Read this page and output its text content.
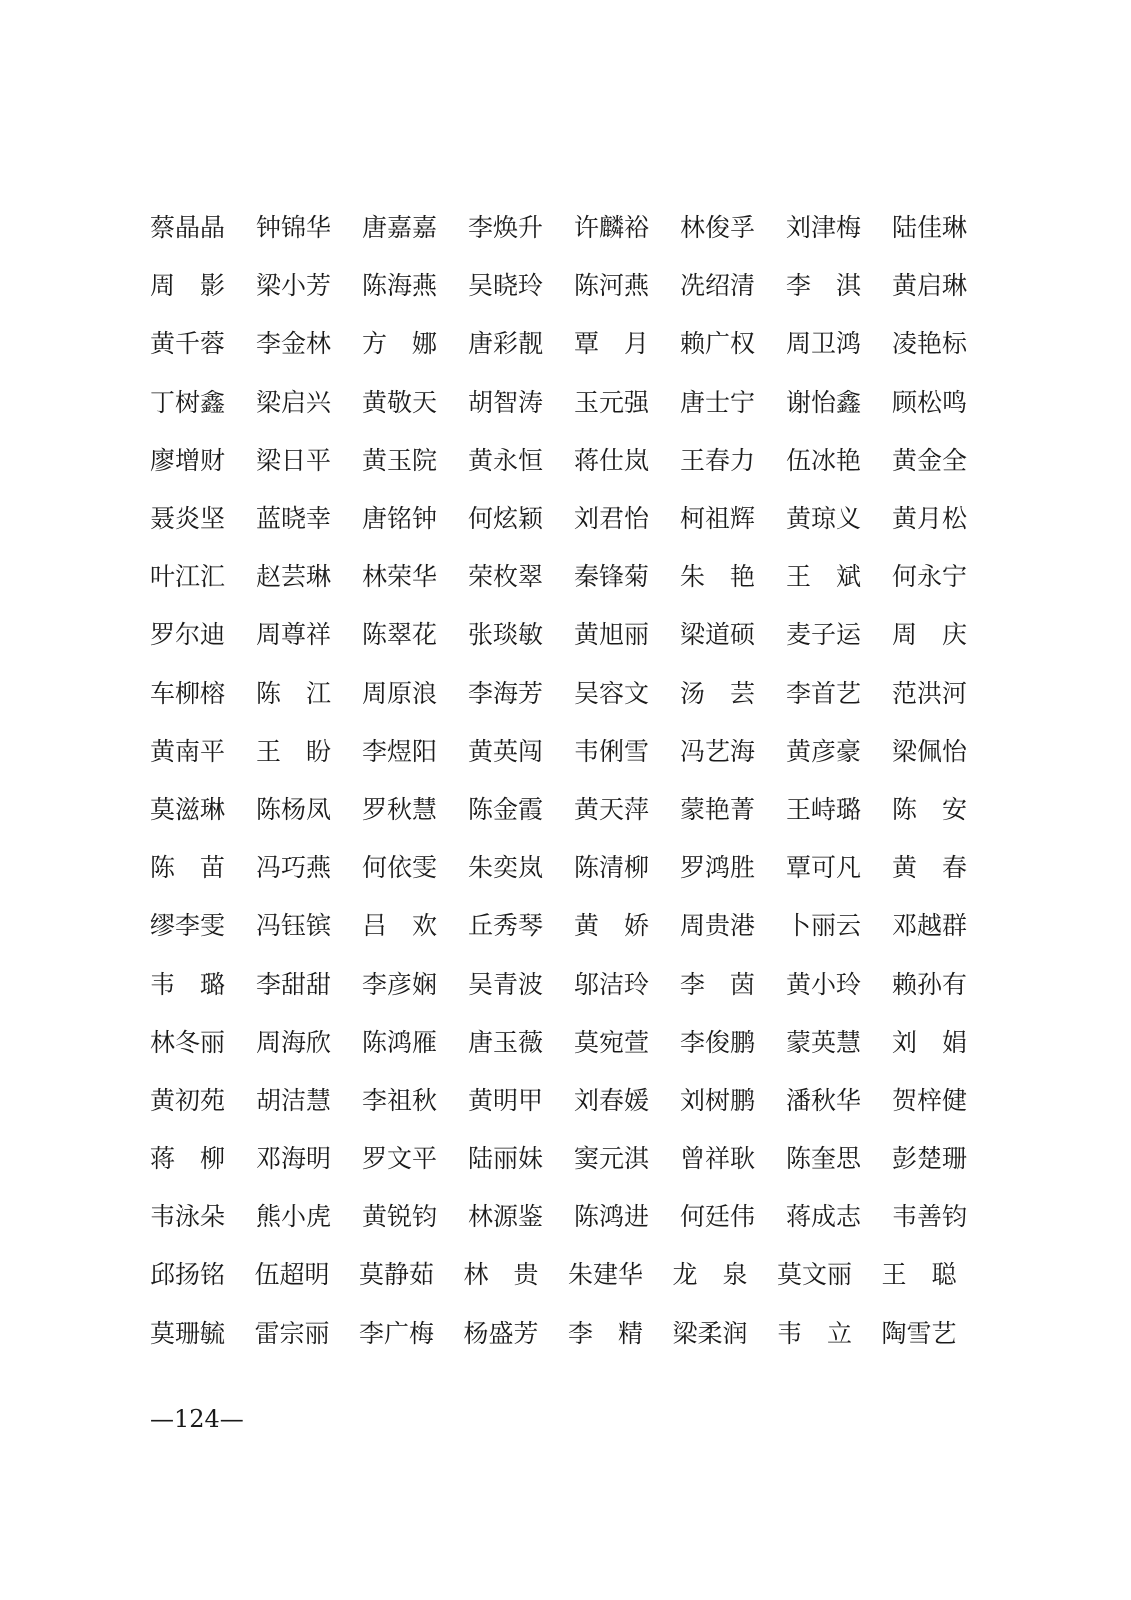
蔡晶晶	钟锦华	唐嘉嘉	李焕升	许麟裕	林俊孚	刘津梅	陆佳琳
周　影	梁小芳	陈海燕	吴晓玲	陈河燕	冼绍清	李　淇	黄启琳
黄千蓉	李金林	方　娜	唐彩靓	覃　月	赖广权	周卫鸿	凌艳标
丁树鑫	梁启兴	黄敬天	胡智涛	玉元强	唐士宁	谢怡鑫	顾松鸣
廖增财	梁日平	黄玉院	黄永恒	蒋仕岚	王春力	伍冰艳	黄金全
聂炎坚	蓝晓幸	唐铭钟	何炫颖	刘君怡	柯祖辉	黄琼义	黄月松
叶江汇	赵芸琳	林荣华	荣枚翠	秦锋菊	朱　艳	王　斌	何永宁
罗尔迪	周尊祥	陈翠花	张琰敏	黄旭丽	梁道硕	麦子运	周　庆
车柳榕	陈　江	周原浪	李海芳	吴容文	汤　芸	李首艺	范洪河
黄南平	王　盼	李煜阳	黄英闯	韦俐雪	冯艺海	黄彦豪	梁佩怡
莫滋琳	陈杨凤	罗秋慧	陈金霞	黄天萍	蒙艳菁	王峙璐	陈　安
陈　苗	冯巧燕	何依雯	朱奕岚	陈清柳	罗鸿胜	覃可凡	黄　春
缪李雯	冯钰镔	吕　欢	丘秀琴	黄　娇	周贵港	卜丽云	邓越群
韦　璐	李甜甜	李彦娴	吴青波	邬洁玲	李　茵	黄小玲	赖孙有
林冬丽	周海欣	陈鸿雁	唐玉薇	莫宛萱	李俊鹏	蒙英慧	刘　娟
黄初苑	胡洁慧	李祖秋	黄明甲	刘春媛	刘树鹏	潘秋华	贺梓健
蒋　柳	邓海明	罗文平	陆丽妹	窦元淇	曾祥耿	陈奎思	彭楚珊
韦泳朵	熊小虎	黄锐钧	林源鉴	陈鸿进	何廷伟	蒋成志	韦善钧
邱扬铭	伍超明	莫静茹	林　贵	朱建华	龙　泉	莫文丽	王　聪
莫珊毓	雷宗丽	李广梅	杨盛芳	李　精	梁柔润	韦　立	陶雪艺
—124—
